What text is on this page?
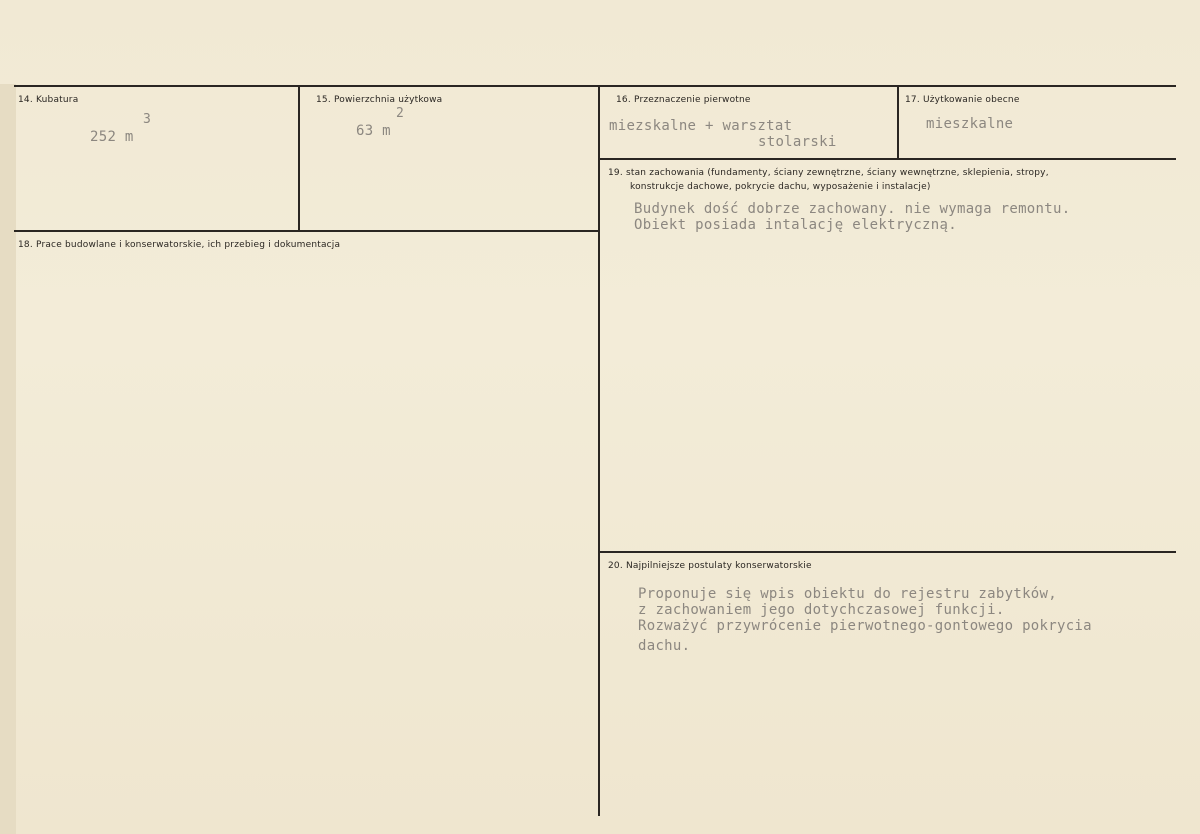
14. Kubatura
3
252 m
15. Powierzchnia użytkowa
2
63 m
16. Przeznaczenie pierwotne
miezskalne + warsztat
stolarski
17. Użytkowanie obecne
mieszkalne
18. Prace budowlane i konserwatorskie, ich przebieg i dokumentacja
19. stan zachowania (fundamenty, ściany zewnętrzne, ściany wewnętrzne, sklepienia, stropy,
konstrukcje dachowe, pokrycie dachu, wyposażenie i instalacje)
Budynek dość dobrze zachowany. nie wymaga remontu.
Obiekt posiada intalację elektryczną.
20. Najpilniejsze postulaty konserwatorskie
Proponuje się wpis obiektu do rejestru zabytków,
z zachowaniem jego dotychczasowej funkcji.
Rozważyć przywrócenie pierwotnego-gontowego pokrycia
dachu.
